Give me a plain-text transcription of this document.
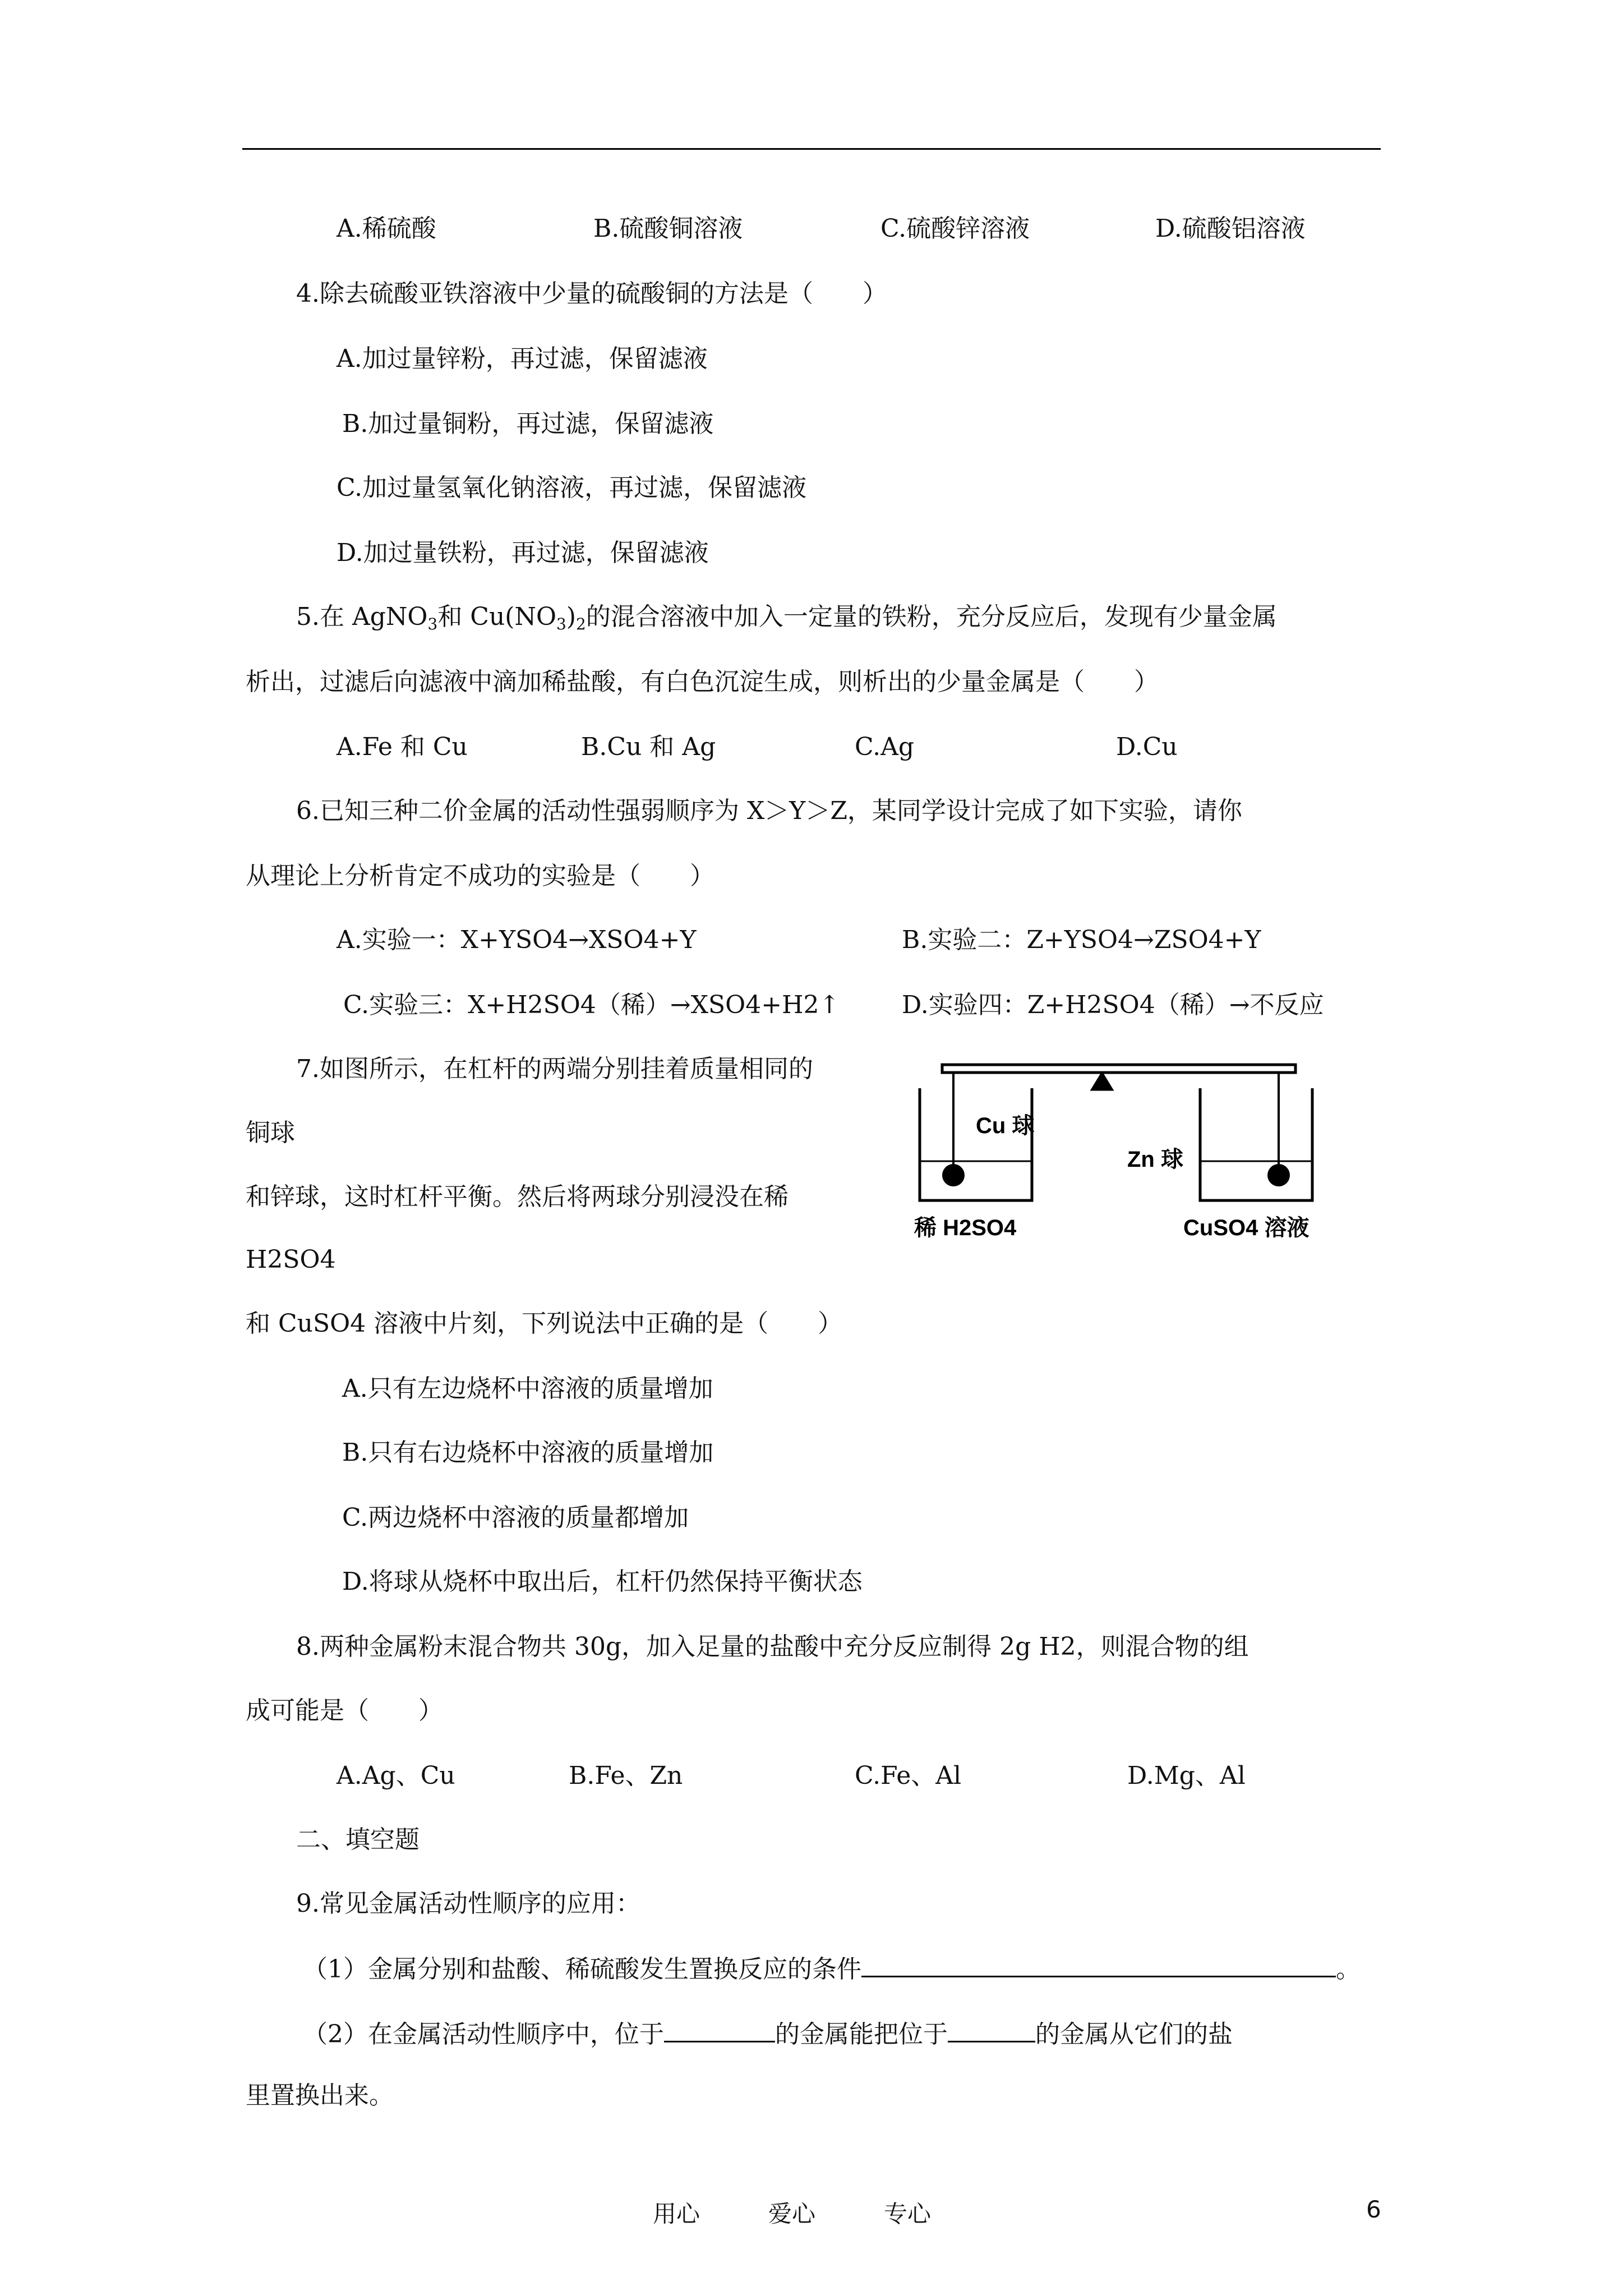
A.稀硫酸	B.硫酸铜溶液	C.硫酸锌溶液	D.硫酸铝溶液
4.除去硫酸亚铁溶液中少量的硫酸铜的方法是（　　）
A.加过量锌粉，再过滤，保留滤液
B.加过量铜粉，再过滤，保留滤液
C.加过量氢氧化钠溶液，再过滤，保留滤液
D.加过量铁粉，再过滤，保留滤液
5.在 AgNO$_3$和 $Cu(NO_3)_2$的混合溶液中加入一定量的铁粉，充分反应后，发现有少量金属
析出，过滤后向滤液中滴加稀盐酸，有白色沉淀生成，则析出的少量金属是（　　）
A.Fe 和 Cu	B.Cu 和 Ag	C.Ag	D.Cu
6.已知三种二价金属的活动性强弱顺序为 X＞Y＞Z，某同学设计完成了如下实验，请你
从理论上分析肯定不成功的实验是（　　）
A.实验一：X+YSO4→XSO4+Y	B.实验二：Z+YSO4→ZSO4+Y
C.实验三：X+H2SO4（稀）→XSO4+H2↑	D.实验四：Z+H2SO4（稀）→不反应
7.如图所示，在杠杆的两端分别挂着质量相同的
铜球
和锌球，这时杠杆平衡。然后将两球分别浸没在稀
H2SO4
和 CuSO4 溶液中片刻，下列说法中正确的是（　　）
A.只有左边烧杯中溶液的质量增加
B.只有右边烧杯中溶液的质量增加
C.两边烧杯中溶液的质量都增加
D.将球从烧杯中取出后，杠杆仍然保持平衡状态
Cu 球
Zn 球
稀 H2SO4	CuSO4 溶液
8.两种金属粉末混合物共 30g，加入足量的盐酸中充分反应制得 2g H2，则混合物的组
成可能是（　　）
A.Ag、Cu	B.Fe、Zn	C.Fe、Al	D.Mg、Al
二、填空题
9.常见金属活动性顺序的应用：
（1）金属分别和盐酸、稀硫酸发生置换反应的条件	。
（2）在金属活动性顺序中，位于	的金属能把位于	的金属从它们的盐
里置换出来。
用心	爱心	专心	6
